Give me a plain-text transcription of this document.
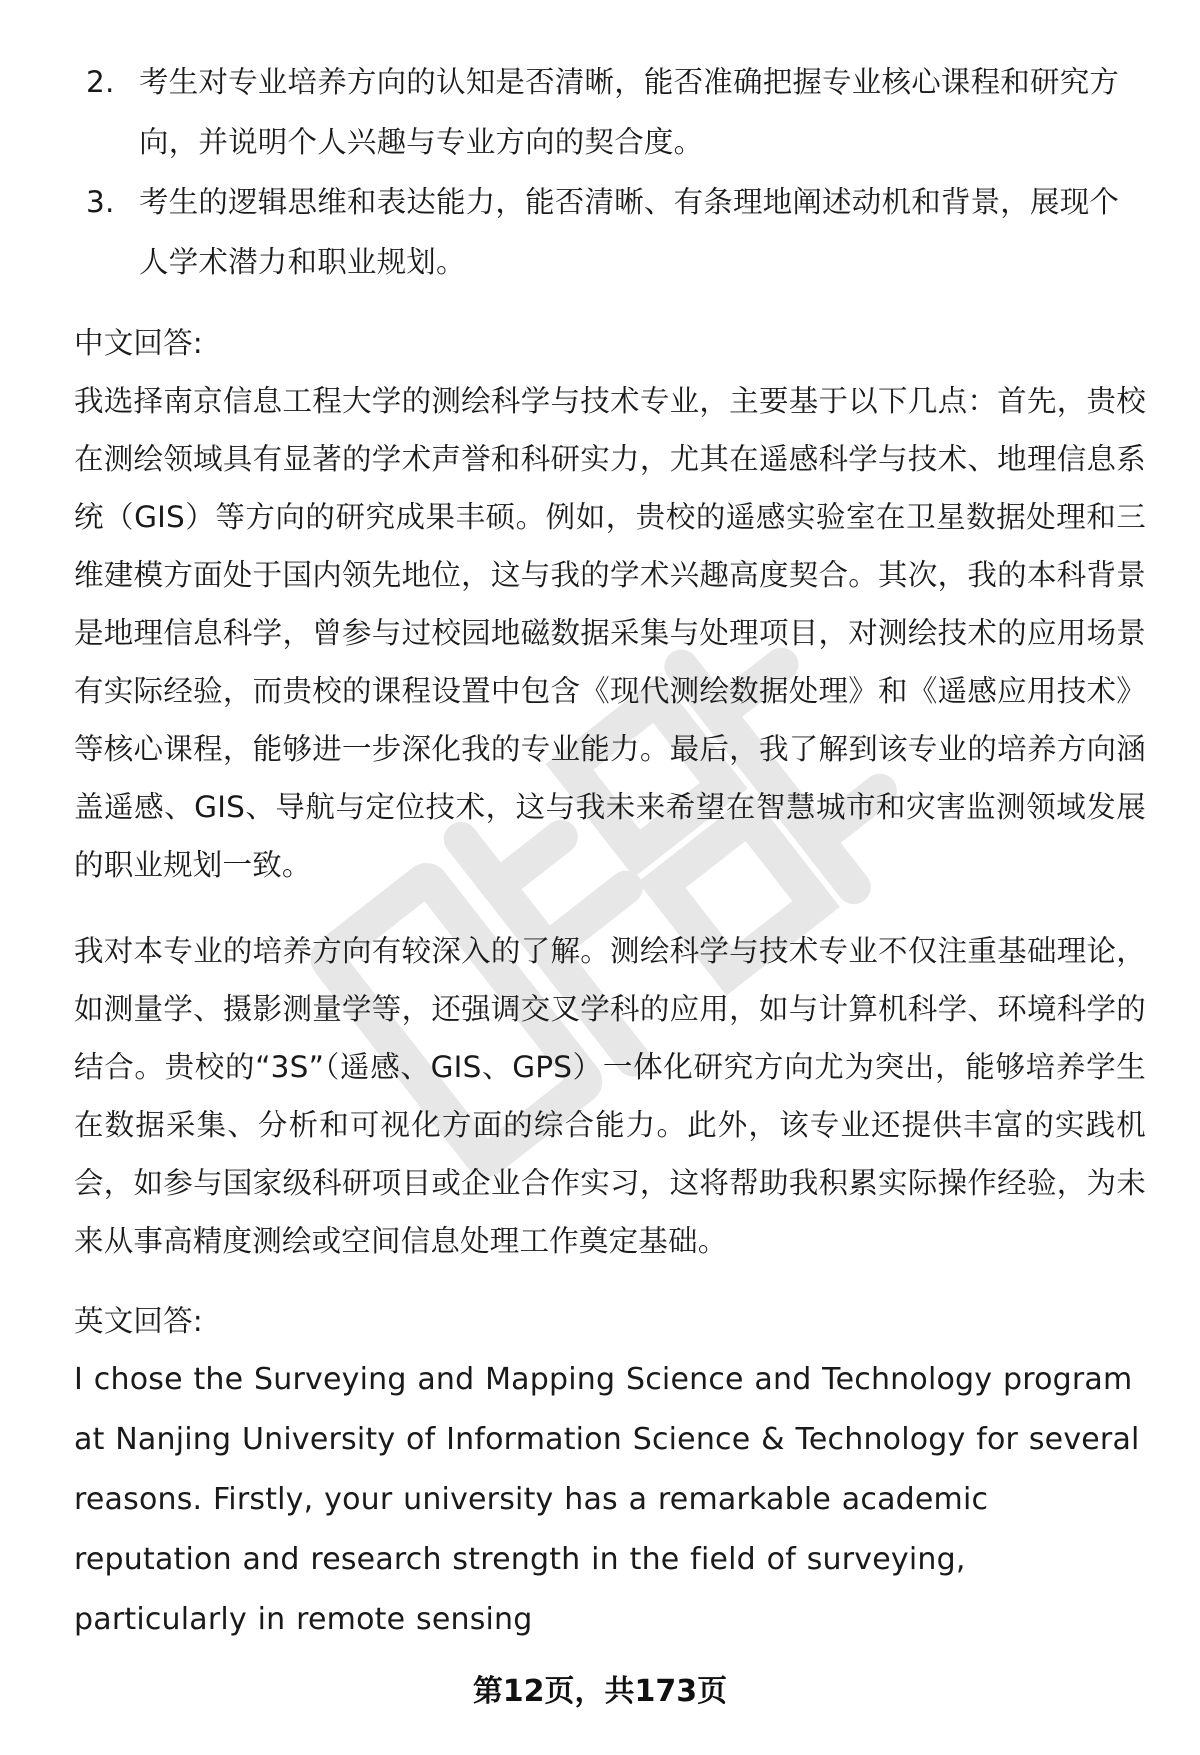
2. 考生对专业培养方向的认知是否清晰，能否准确把握专业核心课程和研究方向，并说明个人兴趣与专业方向的契合度。
3. 考生的逻辑思维和表达能力，能否清晰、有条理地阐述动机和背景，展现个人学术潜力和职业规划。
中文回答:
我选择南京信息工程大学的测绘科学与技术专业，主要基于以下几点：首先，贵校在测绘领域具有显著的学术声誉和科研实力，尤其在遥感科学与技术、地理信息系统（GIS）等方向的研究成果丰硕。例如，贵校的遥感实验室在卫星数据处理和三维建模方面处于国内领先地位，这与我的学术兴趣高度契合。其次，我的本科背景是地理信息科学，曾参与过校园地磁数据采集与处理项目，对测绘技术的应用场景有实际经验，而贵校的课程设置中包含《现代测绘数据处理》和《遥感应用技术》等核心课程，能够进一步深化我的专业能力。最后，我了解到该专业的培养方向涵盖遥感、GIS、导航与定位技术，这与我未来希望在智慧城市和灾害监测领域发展的职业规划一致。
我对本专业的培养方向有较深入的了解。测绘科学与技术专业不仅注重基础理论，如测量学、摄影测量学等，还强调交叉学科的应用，如与计算机科学、环境科学的结合。贵校的“3S”（遥感、GIS、GPS）一体化研究方向尤为突出，能够培养学生在数据采集、分析和可视化方面的综合能力。此外，该专业还提供丰富的实践机会，如参与国家级科研项目或企业合作实习，这将帮助我积累实际操作经验，为未来从事高精度测绘或空间信息处理工作奠定基础。
英文回答:
I chose the Surveying and Mapping Science and Technology program at Nanjing University of Information Science & Technology for several reasons. Firstly, your university has a remarkable academic reputation and research strength in the field of surveying, particularly in remote sensing
第12页，共173页
